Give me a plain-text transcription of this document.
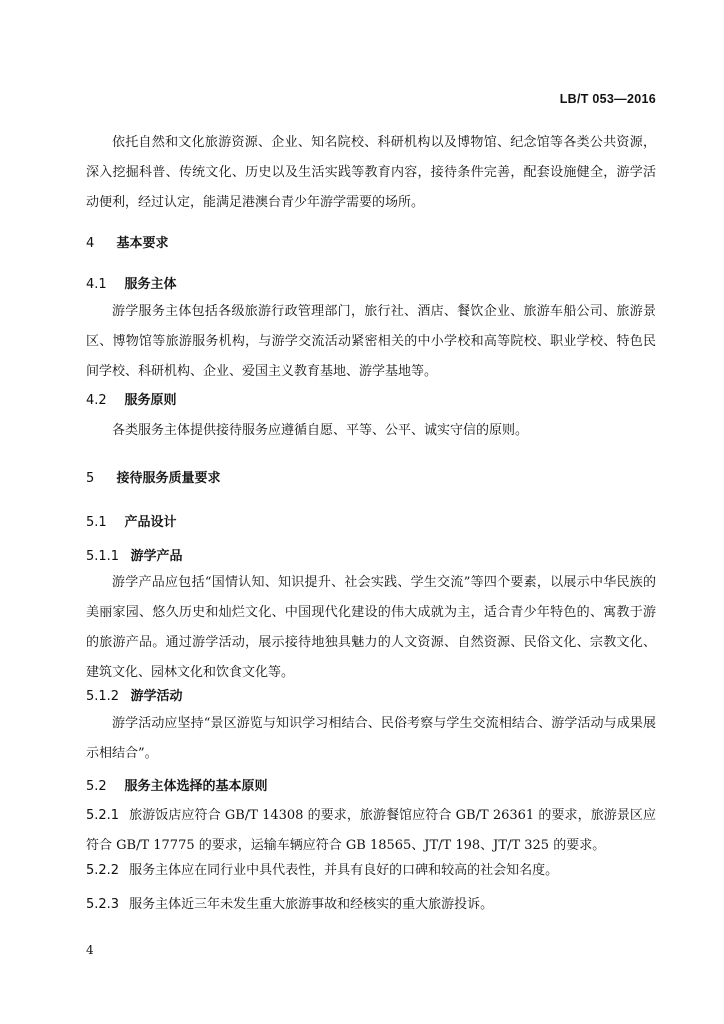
LB/T 053—2016

依托自然和文化旅游资源、企业、知名院校、科研机构以及博物馆、纪念馆等各类公共资源，深入挖掘科普、传统文化、历史以及生活实践等教育内容，接待条件完善，配套设施健全，游学活动便利，经过认定，能满足港澳台青少年游学需要的场所。

4 基本要求
4.1 服务主体

游学服务主体包括各级旅游行政管理部门，旅行社、酒店、餐饮企业、旅游车船公司、旅游景区、博物馆等旅游服务机构，与游学交流活动紧密相关的中小学校和高等院校、职业学校、特色民间学校、科研机构、企业、爱国主义教育基地、游学基地等。

4.2 服务原则

各类服务主体提供接待服务应遵循自愿、平等、公平、诚实守信的原则。

5 接待服务质量要求
5.1 产品设计
5.1.1 游学产品

游学产品应包括“国情认知、知识提升、社会实践、学生交流”等四个要素，以展示中华民族的美丽家园、悠久历史和灿烂文化、中国现代化建设的伟大成就为主，适合青少年特色的、寓教于游的旅游产品。通过游学活动，展示接待地独具魅力的人文资源、自然资源、民俗文化、宗教文化、建筑文化、园林文化和饮食文化等。

5.1.2 游学活动

游学活动应坚持“景区游览与知识学习相结合、民俗考察与学生交流相结合、游学活动与成果展示相结合”。

5.2 服务主体选择的基本原则

5.2.1 旅游饭店应符合 GB/T 14308 的要求，旅游餐馆应符合 GB/T 26361 的要求，旅游景区应符合 GB/T 17775 的要求，运输车辆应符合 GB 18565、JT/T 198、JT/T 325 的要求。

5.2.2 服务主体应在同行业中具代表性，并具有良好的口碑和较高的社会知名度。

5.2.3 服务主体近三年未发生重大旅游事故和经核实的重大旅游投诉。

4
